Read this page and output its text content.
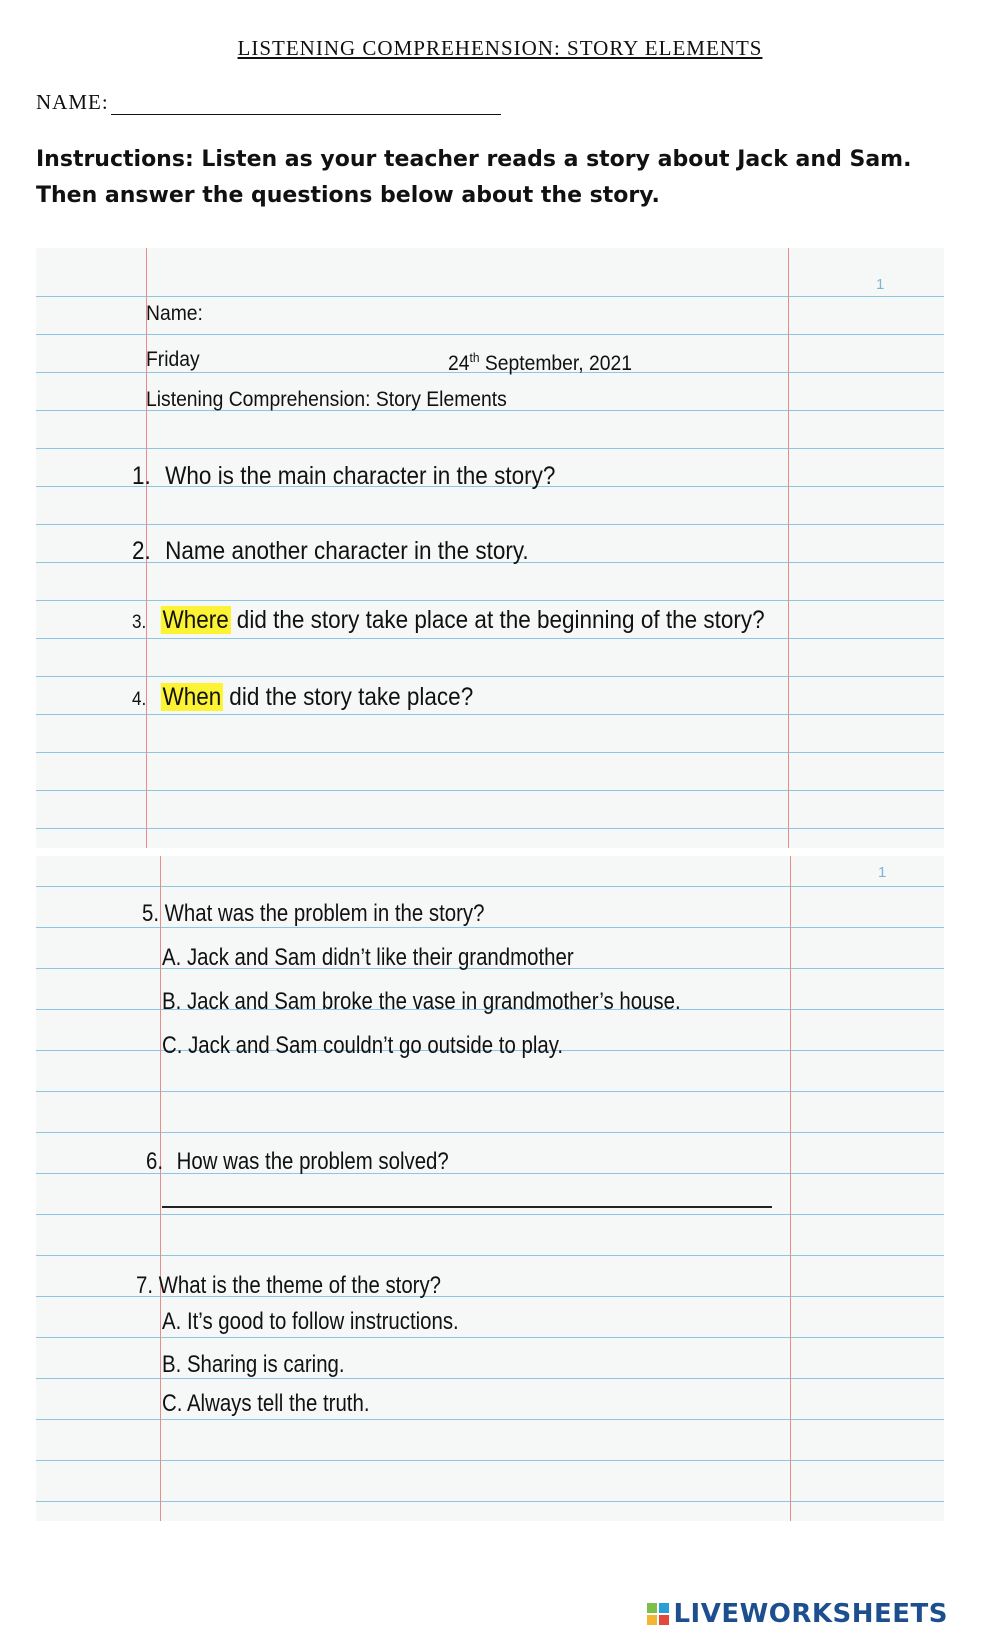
LISTENING COMPREHENSION: STORY ELEMENTS
NAME:
Instructions: Listen as your teacher reads a story about Jack and Sam. Then answer the questions below about the story.
1
Name:
Friday	24th September, 2021
Listening Comprehension: Story Elements
1. Who is the main character in the story?
2. Name another character in the story.
3. Where did the story take place at the beginning of the story?
4. When did the story take place?
1
5. What was the problem in the story?
A. Jack and Sam didn’t like their grandmother
B. Jack and Sam broke the vase in grandmother’s house.
C. Jack and Sam couldn’t go outside to play.
6. How was the problem solved?
7. What is the theme of the story?
A. It’s good to follow instructions.
B. Sharing is caring.
C. Always tell the truth.
LIVEWORKSHEETS
